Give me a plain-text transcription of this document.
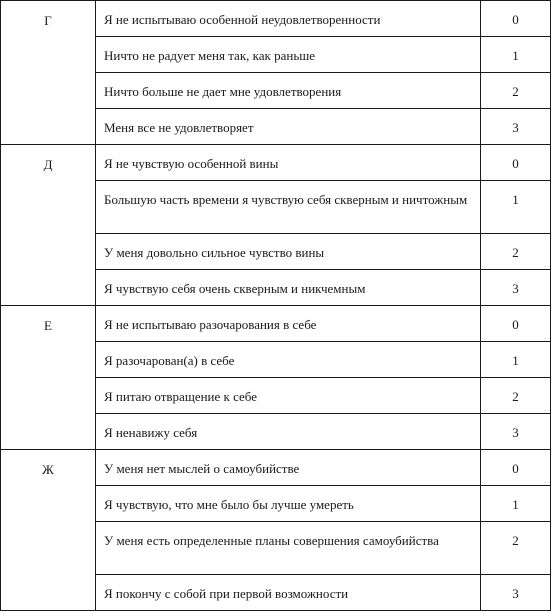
Г	Я не испытываю особенной неудовлетворенности	0
	Ничто не радует меня так, как раньше	1
	Ничто больше не дает мне удовлетворения	2
	Меня все не удовлетворяет	3
Д	Я не чувствую особенной вины	0
	Большую часть времени я чувствую себя скверным и ничтожным	1
	У меня довольно сильное чувство вины	2
	Я чувствую себя очень скверным и никчемным	3
Е	Я не испытываю разочарования в себе	0
	Я разочарован(а) в себе	1
	Я питаю отвращение к себе	2
	Я ненавижу себя	3
Ж	У меня нет мыслей о самоубийстве	0
	Я чувствую, что мне было бы лучше умереть	1
	У меня есть определенные планы совершения самоубийства	2
	Я покончу с собой при первой возможности	3
